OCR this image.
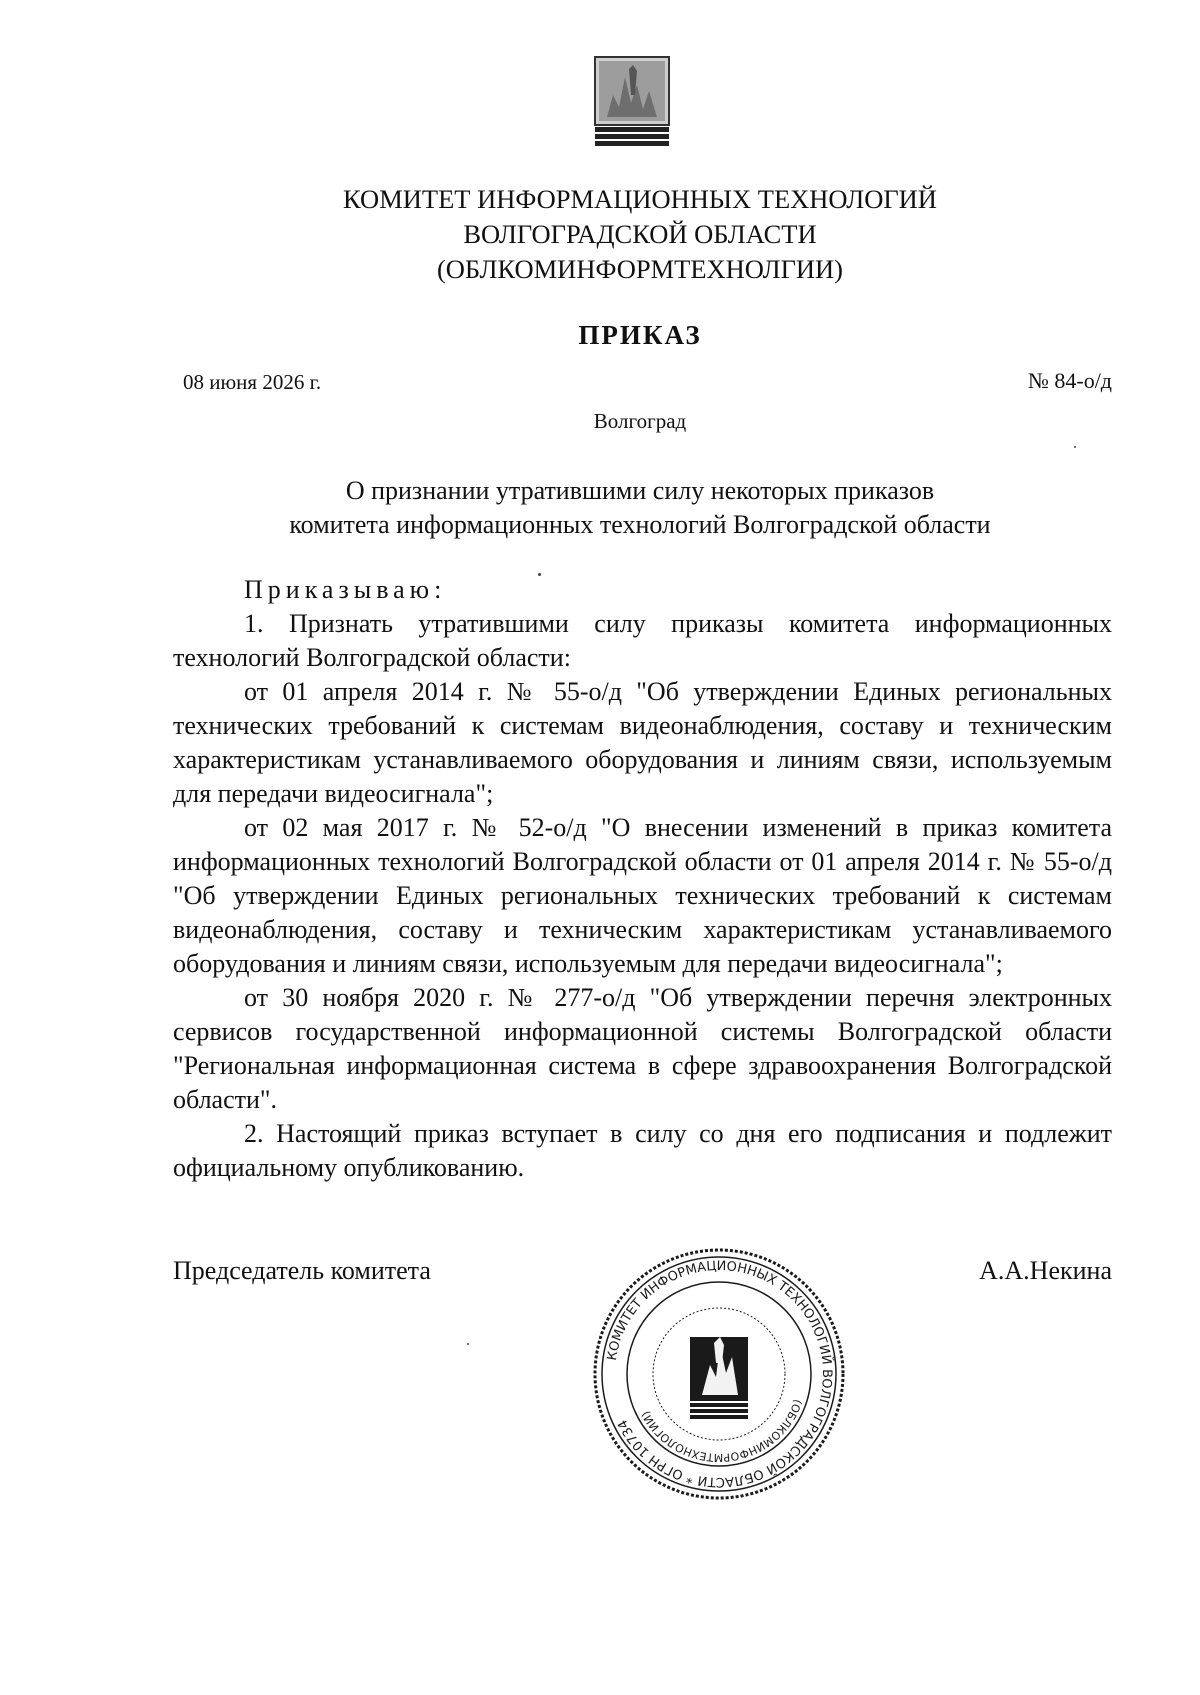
КОМИТЕТ ИНФОРМАЦИОННЫХ ТЕХНОЛОГИЙ
ВОЛГОГРАДСКОЙ ОБЛАСТИ
(ОБЛКОМИНФОРМТЕХНОЛГИИ)
ПРИКАЗ
08 июня 2026 г.	№ 84-о/д
Волгоград
О признании утратившими силу некоторых приказов
комитета информационных технологий Волгоградской области

Приказываю:

1. Признать утратившими силу приказы комитета информационных технологий Волгоградской области:

от 01 апреля 2014 г. № 55-о/д "Об утверждении Единых региональных технических требований к системам видеонаблюдения, составу и техническим характеристикам устанавливаемого оборудования и линиям связи, используемым для передачи видеосигнала";

от 02 мая 2017 г. № 52-о/д "О внесении изменений в приказ комитета информационных технологий Волгоградской области от 01 апреля 2014 г. № 55-о/д "Об утверждении Единых региональных технических требований к системам видеонаблюдения, составу и техническим характеристикам устанавливаемого оборудования и линиям связи, используемым для передачи видеосигнала";

от 30 ноября 2020 г. № 277-о/д "Об утверждении перечня электронных сервисов государственной информационной системы Волгоградской области "Региональная информационная система в сфере здравоохранения Волгоградской области".

2. Настоящий приказ вступает в силу со дня его подписания и подлежит официальному опубликованию.

Председатель комитета	А.А.Некина
КОМИТЕТ ИНФОРМАЦИОННЫХ ТЕХНОЛОГИЙ ВОЛГОГРАДСКОЙ ОБЛАСТИ * ОГРН 10734
(ОБЛКОМИНФОРМТЕХНОЛОГИИ)
